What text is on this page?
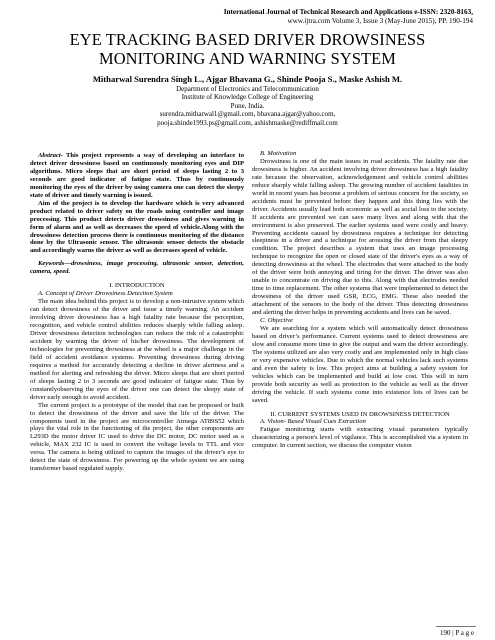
International Journal of Technical Research and Applications e-ISSN: 2320-8163,
www.ijtra.com Volume 3, Issue 3 (May-June 2015), PP. 190-194
EYE TRACKING BASED DRIVER DROWSINESS
MONITORING AND WARNING SYSTEM
Mitharwal Surendra Singh L., Ajgar Bhavana G., Shinde Pooja S., Maske Ashish M.
Department of Electronics and Telecommunication
Institute of Knowledge College of Engineering
Pune, India.
surendra.mitharwal1@gmail.com, bhavana.ajgar@yahoo.com,
pooja.shinde1993.ps@gmail.com, ashishmaske@rediffmail.com

Abstract- This project represents a way of developing an interface to detect driver drowsiness based on continuously monitoring eyes and DIP algorithms. Micro sleeps that are short period of sleeps lasting 2 to 3 seconds are good indicator of fatigue state. Thus by continuously monitoring the eyes of the driver by using camera one can detect the sleepy state of driver and timely warning is issued.

Aim of the project is to develop the hardware which is very advanced product related to driver safety on the roads using controller and image processing. This product detects driver drowsiness and gives warning in form of alarm and as well as decreases the speed of vehicle.Along with the drowsiness detection process there is continuous monitoring of the distance done by the Ultrasonic sensor. The ultrasonic sensor detects the obstacle and accordingly warns the driver as well as decreases speed of vehicle.

Keywords—drowsiness, image processing, ultrasonic sensor, detection, camera, speed.

I. INTRODUCTION
A. Concept of Driver Drowsiness Detection System

The main idea behind this project is to develop a non-intrusive system which can detect drowsiness of the driver and issue a timely warning. An accident involving driver drowsiness has a high fatality rate because the perception, recognition, and vehicle control abilities reduces sharply while falling asleep. Driver drowsiness detection technologies can reduce the risk of a catastrophic accident by warning the driver of his/her drowsiness. The development of technologies for preventing drowsiness at the wheel is a major challenge in the field of accident avoidance systems. Preventing drowsiness during driving requires a method for accurately detecting a decline in driver alertness and a method for alerting and refreshing the driver. Micro sleeps that are short period of sleeps lasting 2 to 3 seconds are good indicator of fatigue state. Thus by constantlyobserving the eyes of the driver one can detect the sleepy state of driver early enough to avoid accident.

The current project is a prototype of the model that can be proposed or built to detect the drowsiness of the driver and save the life of the driver. The components used in the project are microcontroller Atmega AT89S52 which plays the vital role in the functioning of the project, the other components are L293D the motor driver IC used to drive the DC motor, DC motor used as a vehicle, MAX 232 IC is used to convert the voltage levels to TTL and vice versa. The camera is being utilized to capture the images of the driver’s eye to detect the state of drowsiness. For powering up the whole system we are using transformer based regulated supply.

B. Motivation

Drowsiness is one of the main issues in road accidents. The fatality rate due drowsiness is higher. An accident involving driver drowsiness has a high fatality rate because the observation, acknowledgement and vehicle control abilities reduce sharply while falling asleep. The growing number of accident fatalities in world in recent years has become a problem of serious concern for the society, so accidents must be prevented before they happen and this thing lies with the driver. Accidents usually lead both economic as well as social loss to the society. If accidents are prevented we can save many lives and along with that the environment is also preserved. The earlier systems used were costly and heavy. Preventing accidents caused by drowsiness requires a technique for detecting sleepiness in a driver and a technique for arousing the driver from that sleepy condition. The project describes a system that uses an image processing technique to recognize the open or closed state of the driver's eyes as a way of detecting drowsiness at the wheel. The electrodes that were attached to the body of the driver were both annoying and tiring for the driver. The driver was also unable to concentrate on driving due to this. Along with that electrodes needed time to time replacement. The other systems that were implemented to detect the drowsiness of the driver used GSR, ECG, EMG. These also needed the attachment of the sensors to the body of the driver. Thus detecting drowsiness and alerting the driver helps in preventing accidents and lives can be saved.

C. Objective

We are searching for a system which will automatically detect drowsiness based on driver’s performance. Current systems used to detect drowsiness are slow and consume more time to give the output and warn the driver accordingly. The systems utilized are also very costly and are implemented only in high class or very expensive vehicles. Due to which the normal vehicles lack such systems and even the safety is low. This project aims at building a safety system for vehicles which can be implemented and build at low cost. This will in turn provide both security as well as protection to the vehicle as well as the driver driving the vehicle. If such systems come into existence lots of lives can be saved.

II. CURRENT SYSTEMS USED IN DROWSINESS DETECTION
A. Vision- Based Visual Cues Extraction

Fatigue monitoring starts with extracting visual parameters typically characterizing a person's level of vigilance. This is accomplished via a system in computer. In current section, we discuss the computer vision

190 | P a g e
